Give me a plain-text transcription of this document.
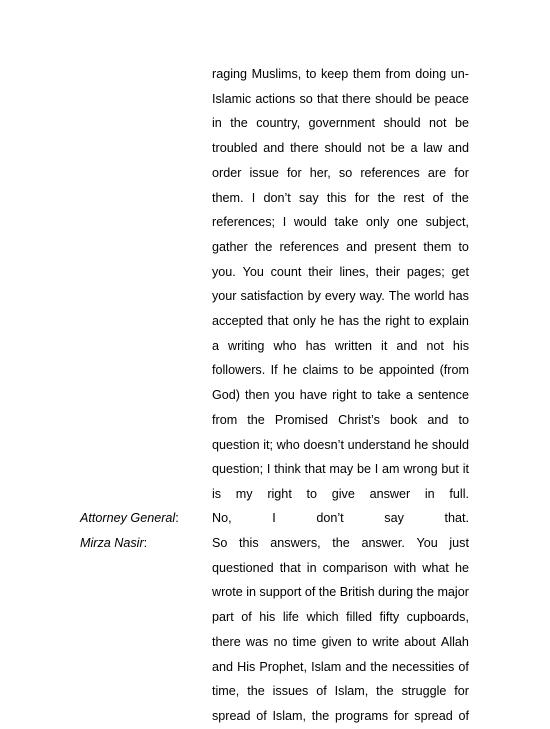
raging Muslims, to keep them from doing un-
Islamic actions so that there should be peace
in the country, government should not be
troubled and there should not be a law and
order issue for her, so references are for
them. I don’t say this for the rest of the
references; I would take only one subject,
gather the references and present them to
you. You count their lines, their pages; get
your satisfaction by every way. The world has
accepted that only he has the right to explain
a writing who has written it and not his
followers. If he claims to be appointed (from
God) then you have right to take a sentence
from the Promised Christ’s book and to
question it; who doesn’t understand he should
question; I think that may be I am wrong but it
is my right to give answer in full.
Attorney General:	No, I don’t say that.
Mirza Nasir:	So this answers, the answer. You just
questioned that in comparison with what he
wrote in support of the British during the major
part of his life which filled fifty cupboards,
there was no time given to write about Allah
and His Prophet, Islam and the necessities of
time, the issues of Islam, the struggle for
spread of Islam, the programs for spread of
